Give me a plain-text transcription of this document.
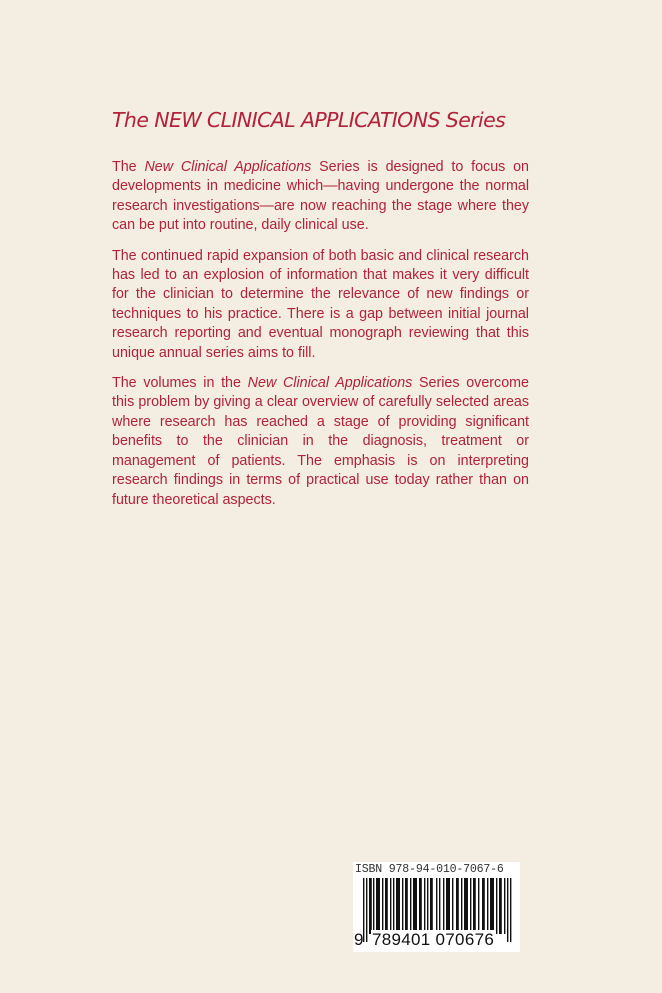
The NEW CLINICAL APPLICATIONS Series

The New Clinical Applications Series is designed to focus on developments in medicine which—having undergone the normal research investigations—are now reaching the stage where they can be put into routine, daily clinical use.

The continued rapid expansion of both basic and clinical research has led to an explosion of information that makes it very difficult for the clinician to determine the relevance of new findings or techniques to his practice. There is a gap between initial journal research reporting and eventual monograph reviewing that this unique annual series aims to fill.

The volumes in the New Clinical Applications Series overcome this problem by giving a clear overview of carefully selected areas where research has reached a stage of providing significant benefits to the clinician in the diagnosis, treatment or management of patients. The emphasis is on interpreting research findings in terms of practical use today rather than on future theoretical aspects.

ISBN 978-94-010-7067-6
9 789401 070676
